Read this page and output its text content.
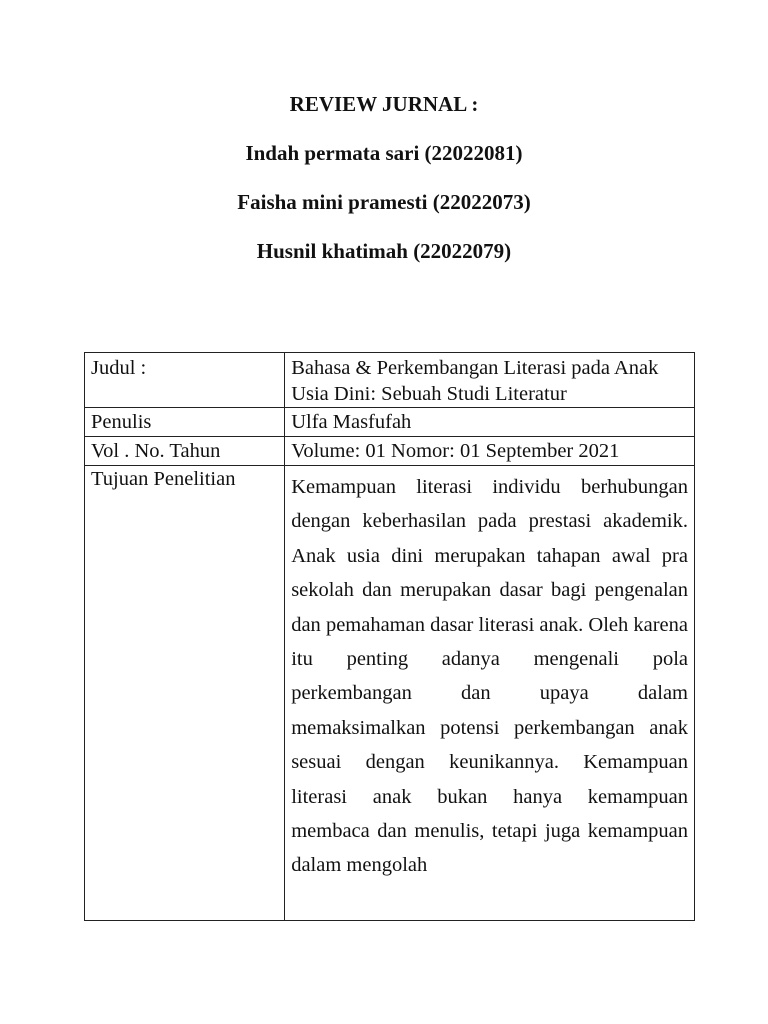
REVIEW JURNAL :
Indah permata sari (22022081)
Faisha mini pramesti (22022073)
Husnil khatimah (22022079)
Judul :	Bahasa & Perkembangan Literasi pada Anak Usia Dini: Sebuah Studi Literatur
Penulis	Ulfa Masfufah
Vol . No. Tahun	Volume: 01 Nomor: 01 September 2021
Tujuan Penelitian	Kemampuan literasi individu berhubungan dengan keberhasilan pada prestasi akademik. Anak usia dini merupakan tahapan awal pra sekolah dan merupakan dasar bagi pengenalan dan pemahaman dasar literasi anak. Oleh karena itu penting adanya mengenali pola perkembangan dan upaya dalam memaksimalkan potensi perkembangan anak sesuai dengan keunikannya. Kemampuan literasi anak bukan hanya kemampuan membaca dan menulis, tetapi juga kemampuan dalam mengolah
